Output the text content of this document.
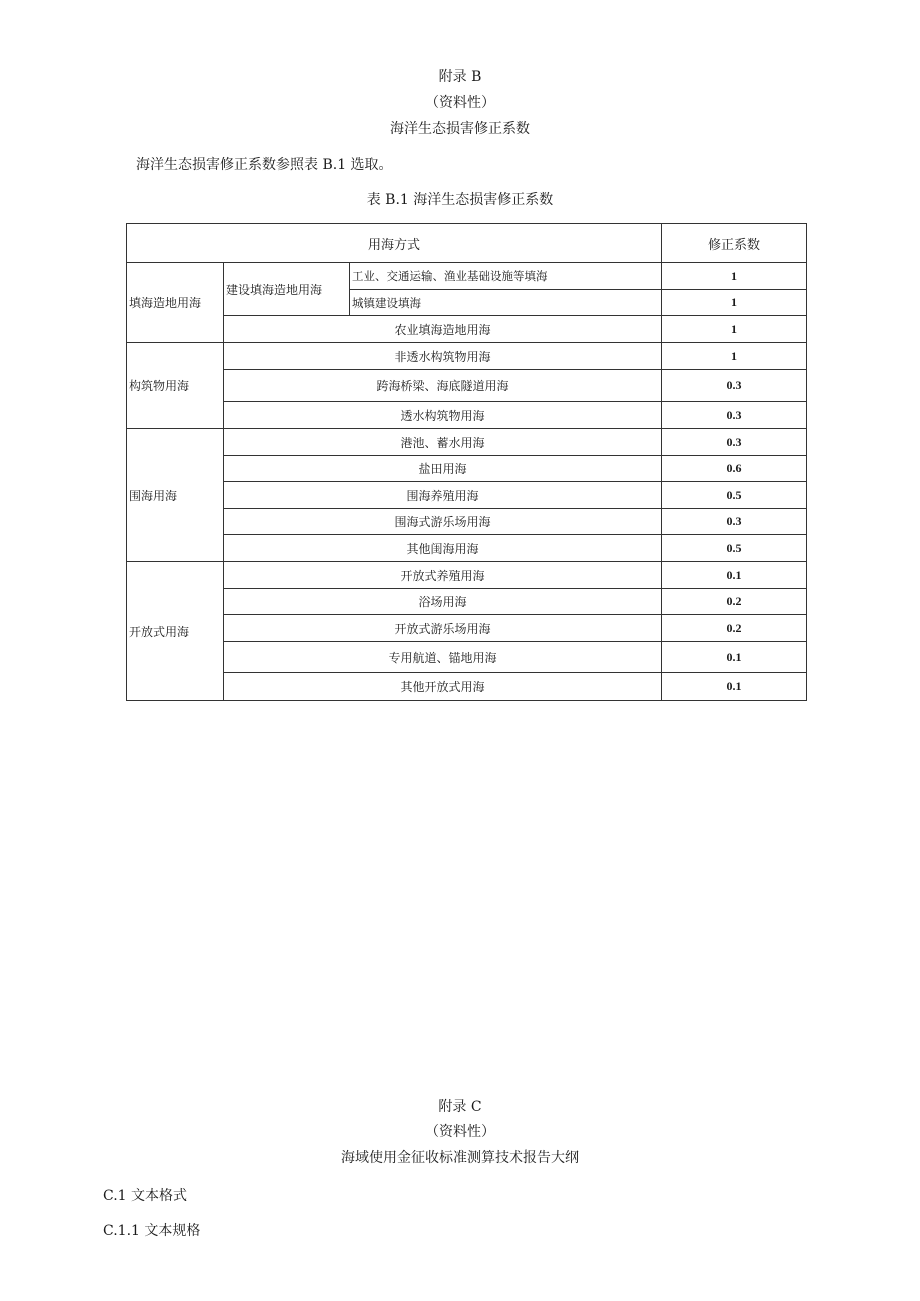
附录 B
（资料性）
海洋生态损害修正系数
海洋生态损害修正系数参照表 B.1 选取。
表 B.1 海洋生态损害修正系数
用海方式			修正系数
填海造地用海	建设填海造地用海	工业、交通运输、渔业基础设施等填海	1
		城镇建设填海	1
	农业填海造地用海		1
构筑物用海	非透水构筑物用海		1
	跨海桥梁、海底隧道用海		0.3
	透水构筑物用海		0.3
围海用海	港池、蓄水用海		0.3
	盐田用海		0.6
	围海养殖用海		0.5
	围海式游乐场用海		0.3
	其他闺海用海		0.5
开放式用海	开放式养殖用海		0.1
	浴场用海		0.2
	开放式游乐场用海		0.2
	专用航道、锚地用海		0.1
	其他开放式用海		0.1
附录 C
（资料性）
海域使用金征收标准测算技术报告大纲
C.1 文本格式
C.1.1 文本规格
